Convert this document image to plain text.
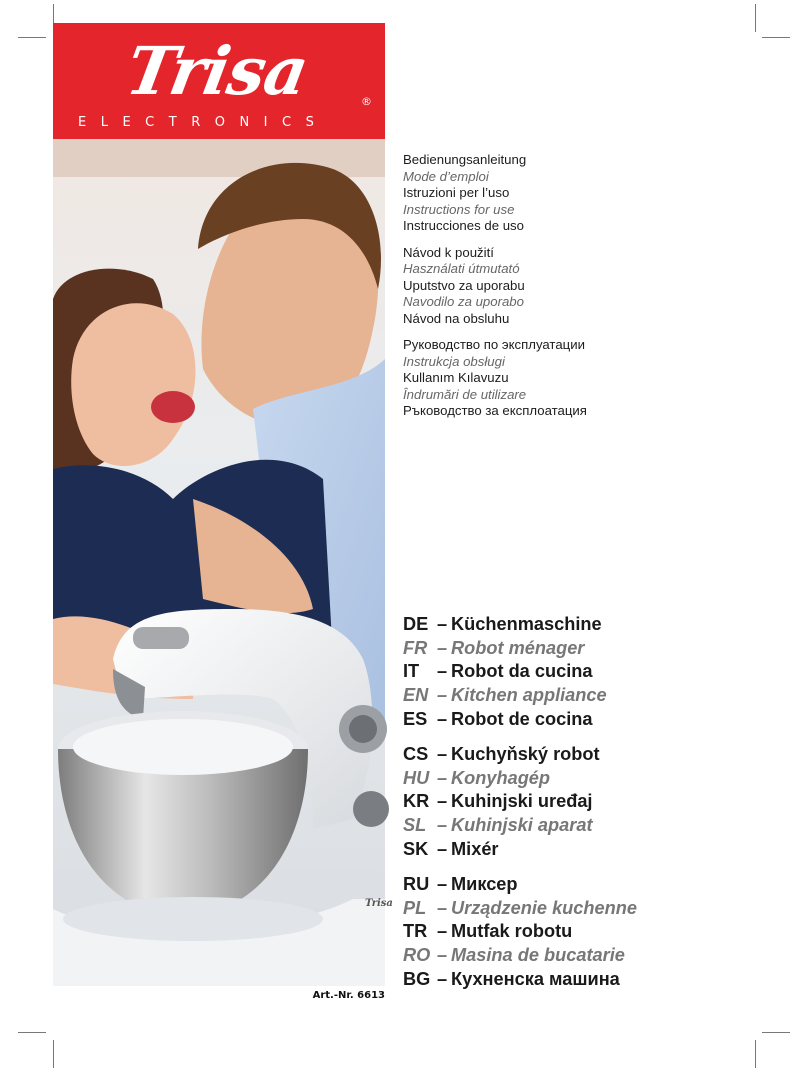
Trisa	®
ELECTRONICS
Trisa
Bedienungsanleitung
Mode d’emploi
Istruzioni per l’uso
Instructions for use
Instrucciones de uso
Návod k použití
Használati útmutató
Uputstvo za uporabu
Navodilo za uporabo
Návod na obsluhu
Руководство по эксплуатации
Instrukcja obsługi
Kullanım Kılavuzu
Îndrumări de utilizare
Ръководство за експлоатация
DE – Küchenmaschine
FR – Robot ménager
IT – Robot da cucina
EN – Kitchen appliance
ES – Robot de cocina
CS – Kuchyňský robot
HU – Konyhagép
KR – Kuhinjski uređaj
SL – Kuhinjski aparat
SK – Mixér
RU – Миксер
PL – Urządzenie kuchenne
TR – Mutfak robotu
RO – Masina de bucatarie
BG – Кухненска машина
Art.-Nr. 6613
